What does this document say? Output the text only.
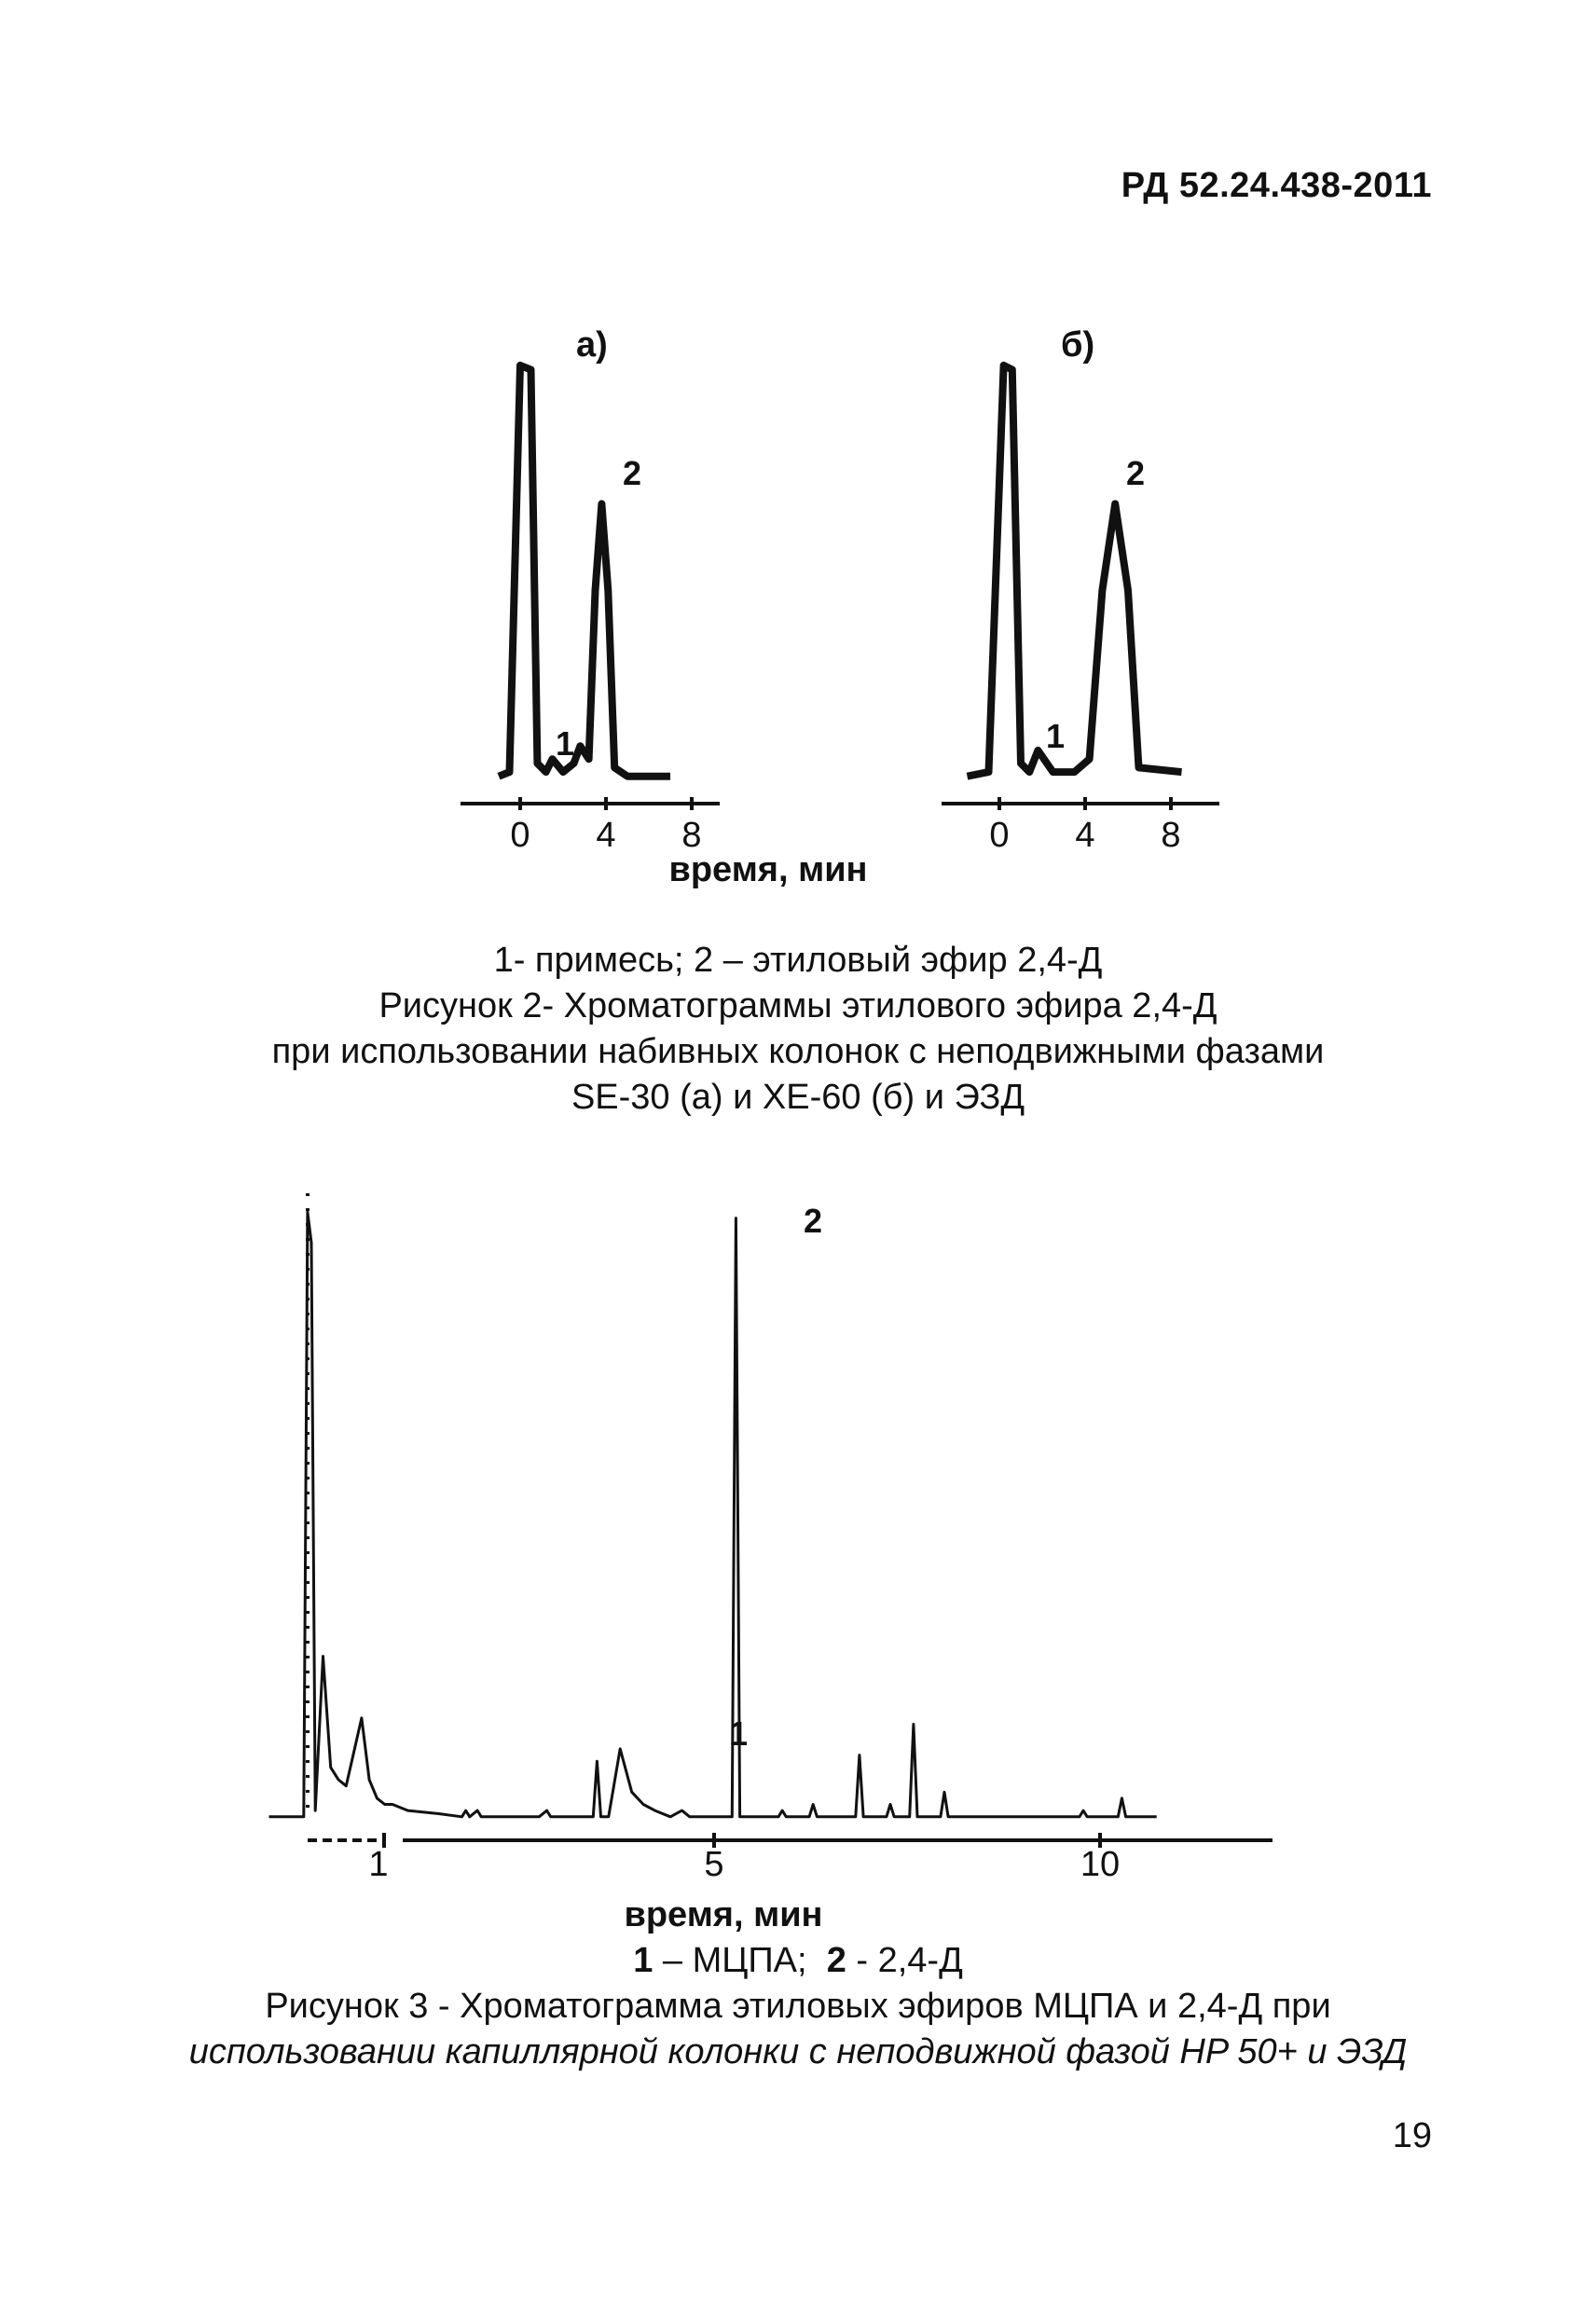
РД 52.24.438-2011
а)
2
1
0 4 8
б)
2
1
0 4 8
время, мин
1- примесь; 2 – этиловый эфир 2,4-Д
Рисунок 2- Хроматограммы этилового эфира 2,4-Д
при использовании набивных колонок с неподвижными фазами
SE-30 (а) и XE-60 (б) и ЭЗД
2
1
1	5	10
время, мин
1 – МЦПА;  2 - 2,4-Д
Рисунок 3 - Хроматограмма этиловых эфиров МЦПА и 2,4-Д при
использовании капиллярной колонки с неподвижной фазой HP 50+ и ЭЗД
19
